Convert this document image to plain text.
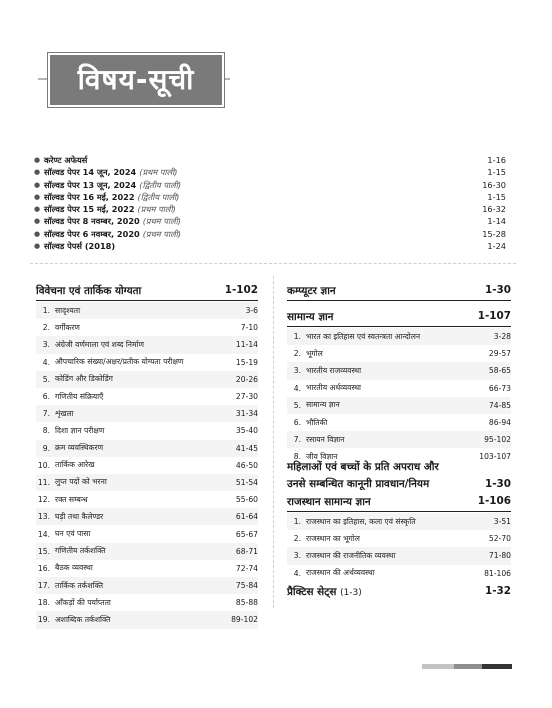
विषय-सूची
● करेण्ट अफेयर्स	1-16
● सॉल्वड पेपर 14 जून, 2024 (प्रथम पाली)	1-15
● सॉल्वड पेपर 13 जून, 2024 (द्वितीय पाली)	16-30
● सॉल्वड पेपर 16 मई, 2022 (द्वितीय पाली)	1-15
● सॉल्वड पेपर 15 मई, 2022 (प्रथम पाली)	16-32
● सॉल्वड पेपर 8 नवम्बर, 2020 (प्रथम पाली)	1-14
● सॉल्वड पेपर 6 नवम्बर, 2020 (प्रथम पाली)	15-28
● सॉल्वड पेपर्स (2018)	1-24
विवेचना एवं तार्किक योग्यता	1-102
1. सादृश्यता	3-6
2. वर्गीकरण	7-10
3. अंग्रेजी वर्णमाला एवं शब्द निर्माण	11-14
4. औपचारिक संख्या/अक्षर/प्रतीक योग्यता परीक्षण	15-19
5. कोडिंग और डिकोडिंग	20-26
6. गणितीय संक्रियाएँ	27-30
7. शृंखला	31-34
8. दिशा ज्ञान परीक्षण	35-40
9. क्रम व्यवस्थिकरण	41-45
10. तार्किक आरेख	46-50
11. लुप्त पदों को भरना	51-54
12. रक्त सम्बन्ध	55-60
13. घड़ी तथा कैलेण्डर	61-64
14. घन एवं पासा	65-67
15. गणितीय तर्कशक्ति	68-71
16. बैठक व्यवस्था	72-74
17. तार्किक तर्कशक्ति	75-84
18. आँकड़ों की पर्याप्तता	85-88
19. अशाब्दिक तर्कशक्ति	89-102
कम्प्यूटर ज्ञान	1-30
सामान्य ज्ञान	1-107
1. भारत का इतिहास एवं स्वतन्त्रता आन्दोलन	3-28
2. भूगोल	29-57
3. भारतीय राजव्यवस्था	58-65
4. भारतीय अर्थव्यवस्था	66-73
5. सामान्य ज्ञान	74-85
6. भौतिकी	86-94
7. रसायन विज्ञान	95-102
8. जीव विज्ञान	103-107
महिलाओं एवं बच्चों के प्रति अपराध और
उनसे सम्बन्धित कानूनी प्रावधान/नियम	1-30
राजस्थान सामान्य ज्ञान	1-106
1. राजस्थान का इतिहास, कला एवं संस्कृति	3-51
2. राजस्थान का भूगोल	52-70
3. राजस्थान की राजनीतिक व्यवस्था	71-80
4. राजस्थान की अर्थव्यवस्था	81-106
प्रैक्टिस सेट्स (1-3)	1-32
